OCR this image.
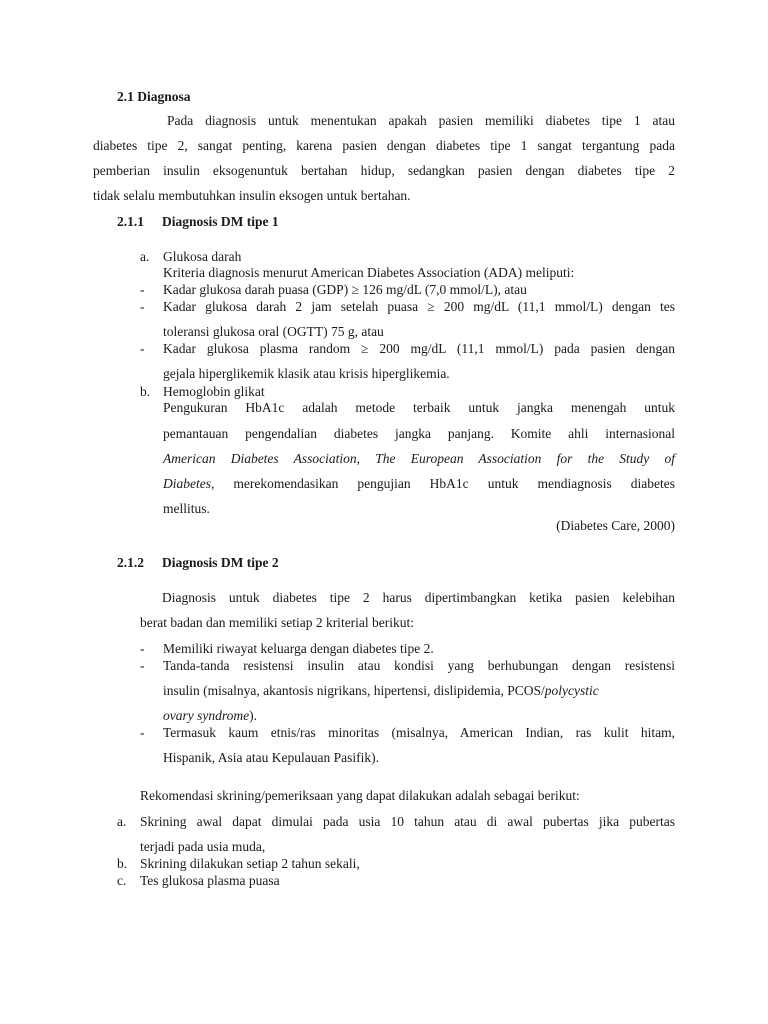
2.1 Diagnosa
Pada diagnosis untuk menentukan apakah pasien memiliki diabetes tipe 1 atau
diabetes tipe 2, sangat penting, karena pasien dengan diabetes tipe 1 sangat tergantung pada
pemberian insulin eksogenuntuk bertahan hidup, sedangkan pasien dengan diabetes tipe 2
tidak selalu membutuhkan insulin eksogen untuk bertahan.
2.1.1 Diagnosis DM tipe 1
a. Glukosa darah
Kriteria diagnosis menurut American Diabetes Association (ADA) meliputi:
- Kadar glukosa darah puasa (GDP) ≥ 126 mg/dL (7,0 mmol/L), atau
- Kadar glukosa darah 2 jam setelah puasa ≥ 200 mg/dL (11,1 mmol/L) dengan tes
toleransi glukosa oral (OGTT) 75 g, atau
- Kadar glukosa plasma random ≥ 200 mg/dL (11,1 mmol/L) pada pasien dengan
gejala hiperglikemik klasik atau krisis hiperglikemia.
b. Hemoglobin glikat
Pengukuran HbA1c adalah metode terbaik untuk jangka menengah untuk
pemantauan pengendalian diabetes jangka panjang. Komite ahli internasional
American Diabetes Association, The European Association for the Study of
Diabetes, merekomendasikan pengujian HbA1c untuk mendiagnosis diabetes
mellitus.
(Diabetes Care, 2000)
2.1.2 Diagnosis DM tipe 2
Diagnosis untuk diabetes tipe 2 harus dipertimbangkan ketika pasien kelebihan
berat badan dan memiliki setiap 2 kriterial berikut:
- Memiliki riwayat keluarga dengan diabetes tipe 2.
- Tanda-tanda resistensi insulin atau kondisi yang berhubungan dengan resistensi
insulin (misalnya, akantosis nigrikans, hipertensi, dislipidemia, PCOS/polycystic
ovary syndrome).
- Termasuk kaum etnis/ras minoritas (misalnya, American Indian, ras kulit hitam,
Hispanik, Asia atau Kepulauan Pasifik).
Rekomendasi skrining/pemeriksaan yang dapat dilakukan adalah sebagai berikut:
a. Skrining awal dapat dimulai pada usia 10 tahun atau di awal pubertas jika pubertas
terjadi pada usia muda,
b. Skrining dilakukan setiap 2 tahun sekali,
c. Tes glukosa plasma puasa
